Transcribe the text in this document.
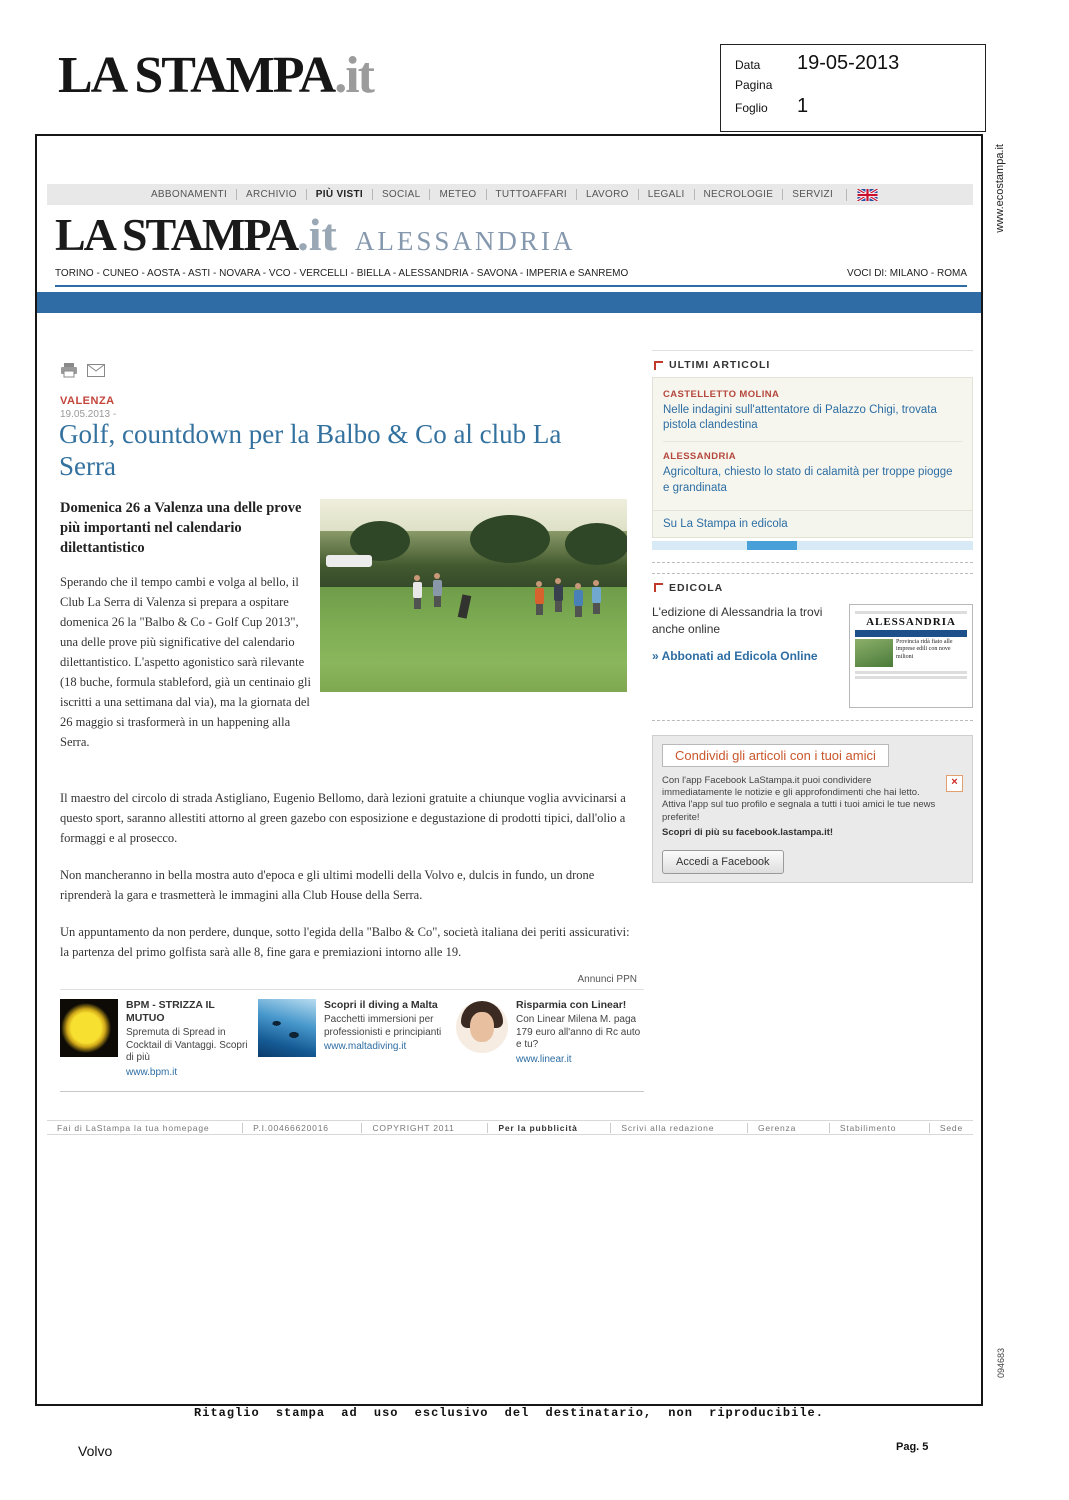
LA STAMPA.it	Data	19-05-2013
Pagina
Foglio	1
ABBONAMENTI	ARCHIVIO	PIÙ VISTI	SOCIAL	METEO	TUTTOAFFARI	LAVORO	LEGALI	NECROLOGIE	SERVIZI
LA STAMPA .it ALESSANDRIA
TORINO - CUNEO - AOSTA - ASTI - NOVARA - VCO - VERCELLI - BIELLA - ALESSANDRIA - SAVONA - IMPERIA e SANREMO	VOCI DI: MILANO - ROMA
VALENZA
19.05.2013 -
Golf, countdown per la Balbo & Co al club La Serra

Domenica 26 a Valenza una delle prove più importanti nel calendario dilettantistico

Sperando che il tempo cambi e volga al bello, il Club La Serra di Valenza si prepara a ospitare domenica 26 la "Balbo & Co - Golf Cup 2013", una delle prove più significative del calendario dilettantistico. L'aspetto agonistico sarà rilevante (18 buche, formula stableford, già un centinaio gli iscritti a una settimana dal via), ma la giornata del 26 maggio si trasformerà in un happening alla Serra.

Il maestro del circolo di strada Astigliano, Eugenio Bellomo, darà lezioni gratuite a chiunque voglia avvicinarsi a questo sport, saranno allestiti attorno al green gazebo con esposizione e degustazione di prodotti tipici, dall'olio a formaggi e al prosecco.

Non mancheranno in bella mostra auto d'epoca e gli ultimi modelli della Volvo e, dulcis in fundo, un drone riprenderà la gara e trasmetterà le immagini alla Club House della Serra.

Un appuntamento da non perdere, dunque, sotto l'egida della "Balbo & Co", società italiana dei periti assicurativi: la partenza del primo golfista sarà alle 8, fine gara e premiazioni intorno alle 19.

Annunci PPN
BPM - STRIZZA IL MUTUO
Spremuta di Spread in Cocktail di Vantaggi. Scopri di più
www.bpm.it
Scopri il diving a Malta
Pacchetti immersioni per professionisti e principianti
www.maltadiving.it
Risparmia con Linear!
Con Linear Milena M. paga 179 euro all'anno di Rc auto e tu?
www.linear.it
Fai di LaStampa la tua homepage	P.I.00466620016	COPYRIGHT 2011	Per la pubblicità	Scrivi alla redazione	Gerenza	Stabilimento	Sede
ULTIMI ARTICOLI
CASTELLETTO MOLINA
Nelle indagini sull'attentatore di Palazzo Chigi, trovata pistola clandestina
ALESSANDRIA
Agricoltura, chiesto lo stato di calamità per troppe piogge e grandinata
Su La Stampa in edicola
EDICOLA
L'edizione di Alessandria la trovi anche online
» Abbonati ad Edicola Online
ALESSANDRIA
Provincia ridà fiato alle imprese edili con nove milioni
Condividi gli articoli con i tuoi amici
Con l'app Facebook LaStampa.it puoi condividere immediatamente le notizie e gli approfondimenti che hai letto. Attiva l'app sul tuo profilo e segnala a tutti i tuoi amici le tue news preferite!
×
Scopri di più su facebook.lastampa.it!
Accedi a Facebook
www.ecostampa.it
094683
Ritaglio stampa ad uso esclusivo del destinatario, non riproducibile.
Volvo	Pag. 5
